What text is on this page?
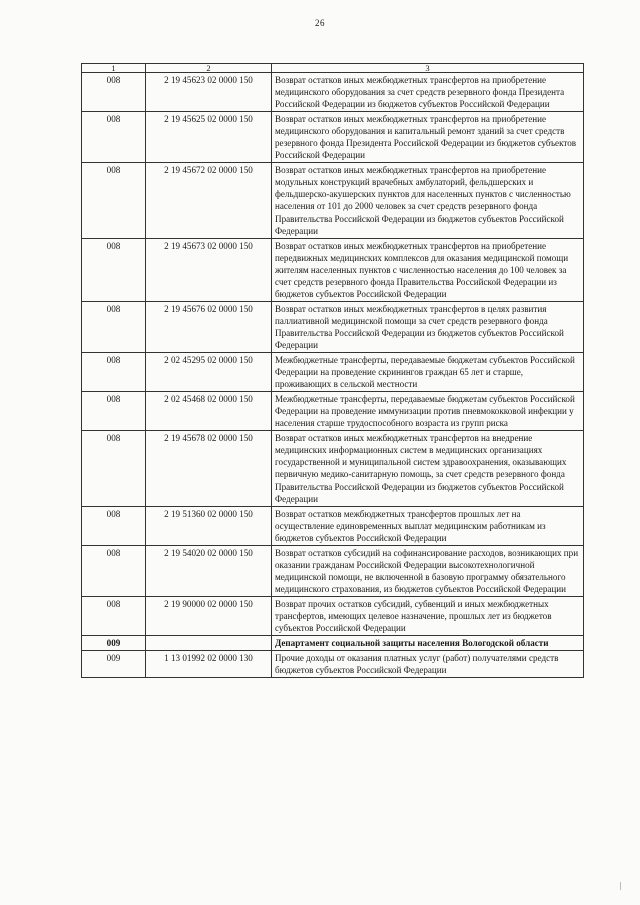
26
1	2	3
008	2 19 45623 02 0000 150	Возврат остатков иных межбюджетных трансфертов на приобретение медицинского оборудования за счет средств резервного фонда Президента Российской Федерации из бюджетов субъектов Российской Федерации
008	2 19 45625 02 0000 150	Возврат остатков иных межбюджетных трансфертов на приобретение медицинского оборудования и капитальный ремонт зданий за счет средств резервного фонда Президента Российской Федерации из бюджетов субъектов Российской Федерации
008	2 19 45672 02 0000 150	Возврат остатков иных межбюджетных трансфертов на приобретение модульных конструкций врачебных амбулаторий, фельдшерских и фельдшерско-акушерских пунктов для населенных пунктов с численностью населения от 101 до 2000 человек за счет средств резервного фонда Правительства Российской Федерации из бюджетов субъектов Российской Федерации
008	2 19 45673 02 0000 150	Возврат остатков иных межбюджетных трансфертов на приобретение передвижных медицинских комплексов для оказания медицинской помощи жителям населенных пунктов с численностью населения до 100 человек за счет средств резервного фонда Правительства Российской Федерации из бюджетов субъектов Российской Федерации
008	2 19 45676 02 0000 150	Возврат остатков иных межбюджетных трансфертов в целях развития паллиативной медицинской помощи за счет средств резервного фонда Правительства Российской Федерации из бюджетов субъектов Российской Федерации
008	2 02 45295 02 0000 150	Межбюджетные трансферты, передаваемые бюджетам субъектов Российской Федерации на проведение скринингов граждан 65 лет и старше, проживающих в сельской местности
008	2 02 45468 02 0000 150	Межбюджетные трансферты, передаваемые бюджетам субъектов Российской Федерации на проведение иммунизации против пневмококковой инфекции у населения старше трудоспособного возраста из групп риска
008	2 19 45678 02 0000 150	Возврат остатков иных межбюджетных трансфертов на внедрение медицинских информационных систем в медицинских организациях государственной и муниципальной систем здравоохранения, оказывающих первичную медико-санитарную помощь, за счет средств резервного фонда Правительства Российской Федерации из бюджетов субъектов Российской Федерации
008	2 19 51360 02 0000 150	Возврат остатков межбюджетных трансфертов прошлых лет на осуществление единовременных выплат медицинским работникам из бюджетов субъектов Российской Федерации
008	2 19 54020 02 0000 150	Возврат остатков субсидий на софинансирование расходов, возникающих при оказании гражданам Российской Федерации высокотехнологичной медицинской помощи, не включенной в базовую программу обязательного медицинского страхования, из бюджетов субъектов Российской Федерации
008	2 19 90000 02 0000 150	Возврат прочих остатков субсидий, субвенций и иных межбюджетных трансфертов, имеющих целевое назначение, прошлых лет из бюджетов субъектов Российской Федерации
009		Департамент социальной защиты населения Вологодской области
009	1 13 01992 02 0000 130	Прочие доходы от оказания платных услуг (работ) получателями средств бюджетов субъектов Российской Федерации
